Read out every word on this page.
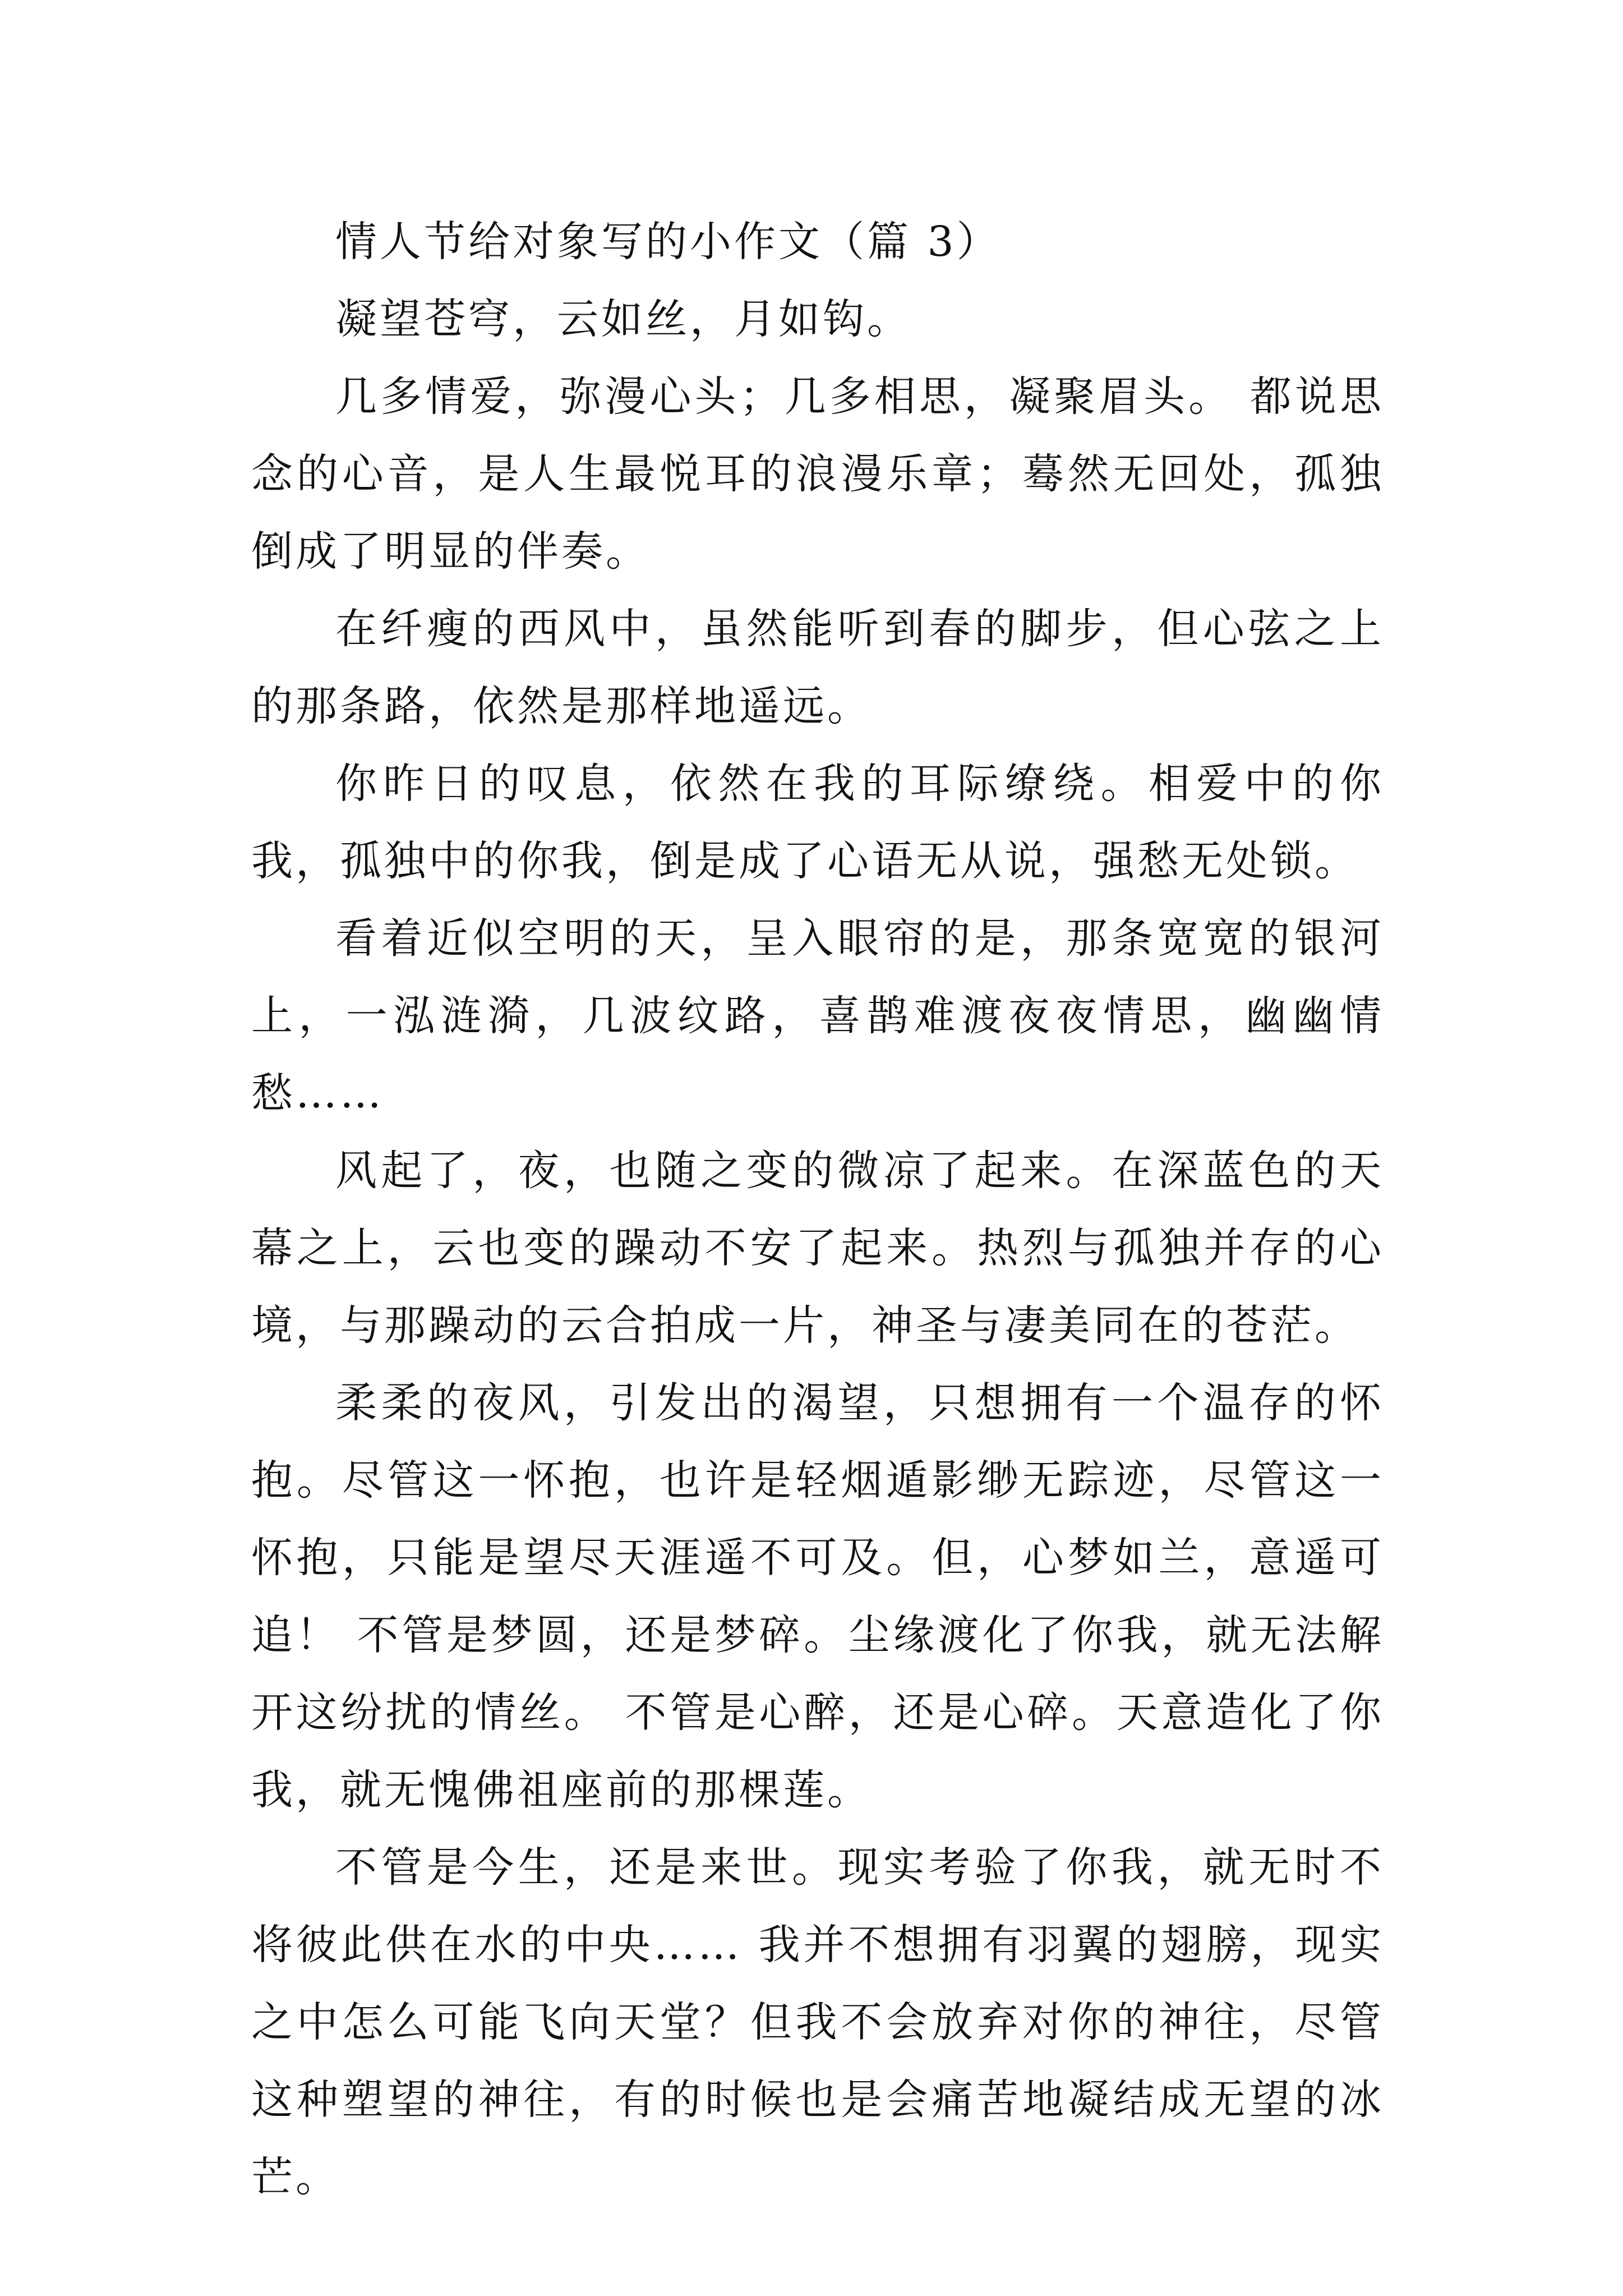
情人节给对象写的小作文（篇 3）

凝望苍穹，云如丝，月如钩。

几多情爱，弥漫心头；几多相思，凝聚眉头。 都说思念的心音，是人生最悦耳的浪漫乐章；蓦然无回处，孤独倒成了明显的伴奏。

在纤瘦的西风中，虽然能听到春的脚步，但心弦之上的那条路，依然是那样地遥远。

你昨日的叹息，依然在我的耳际缭绕。相爱中的你我，孤独中的你我，倒是成了心语无从说，强愁无处锁。

看着近似空明的天，呈入眼帘的是，那条宽宽的银河上，一泓涟漪，几波纹路，喜鹊难渡夜夜情思，幽幽情愁……

风起了，夜，也随之变的微凉了起来。在深蓝色的天幕之上，云也变的躁动不安了起来。热烈与孤独并存的心境，与那躁动的云合拍成一片，神圣与凄美同在的苍茫。

柔柔的夜风，引发出的渴望，只想拥有一个温存的怀抱。尽管这一怀抱，也许是轻烟遁影缈无踪迹，尽管这一怀抱，只能是望尽天涯遥不可及。但，心梦如兰，意遥可追！ 不管是梦圆，还是梦碎。尘缘渡化了你我，就无法解开这纷扰的情丝。 不管是心醉，还是心碎。天意造化了你我，就无愧佛祖座前的那棵莲。

不管是今生，还是来世。现实考验了你我，就无时不将彼此供在水的中央…… 我并不想拥有羽翼的翅膀，现实之中怎么可能飞向天堂？但我不会放弃对你的神往，尽管这种塑望的神往，有的时候也是会痛苦地凝结成无望的冰芒。
